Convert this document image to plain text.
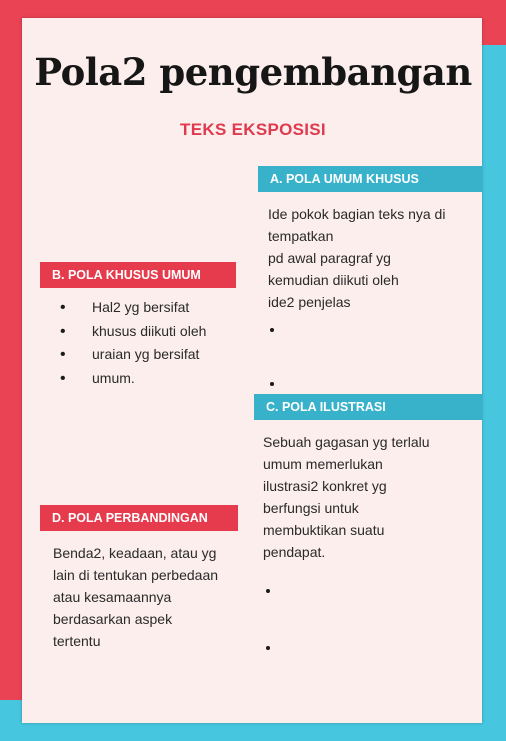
Pola2 pengembangan
TEKS EKSPOSISI
A. POLA UMUM KHUSUS
Ide pokok bagian teks nya di
tempatkan
pd awal paragraf yg
kemudian diikuti oleh
ide2 penjelas
B. POLA KHUSUS UMUM
• Hal2 yg bersifat
• khusus diikuti oleh
• uraian yg bersifat
• umum.
C. POLA ILUSTRASI
Sebuah gagasan yg terlalu
umum memerlukan
ilustrasi2 konkret yg
berfungsi untuk
membuktikan suatu
pendapat.
D. POLA PERBANDINGAN
Benda2, keadaan, atau yg
lain di tentukan perbedaan
atau kesamaannya
berdasarkan aspek
tertentu
